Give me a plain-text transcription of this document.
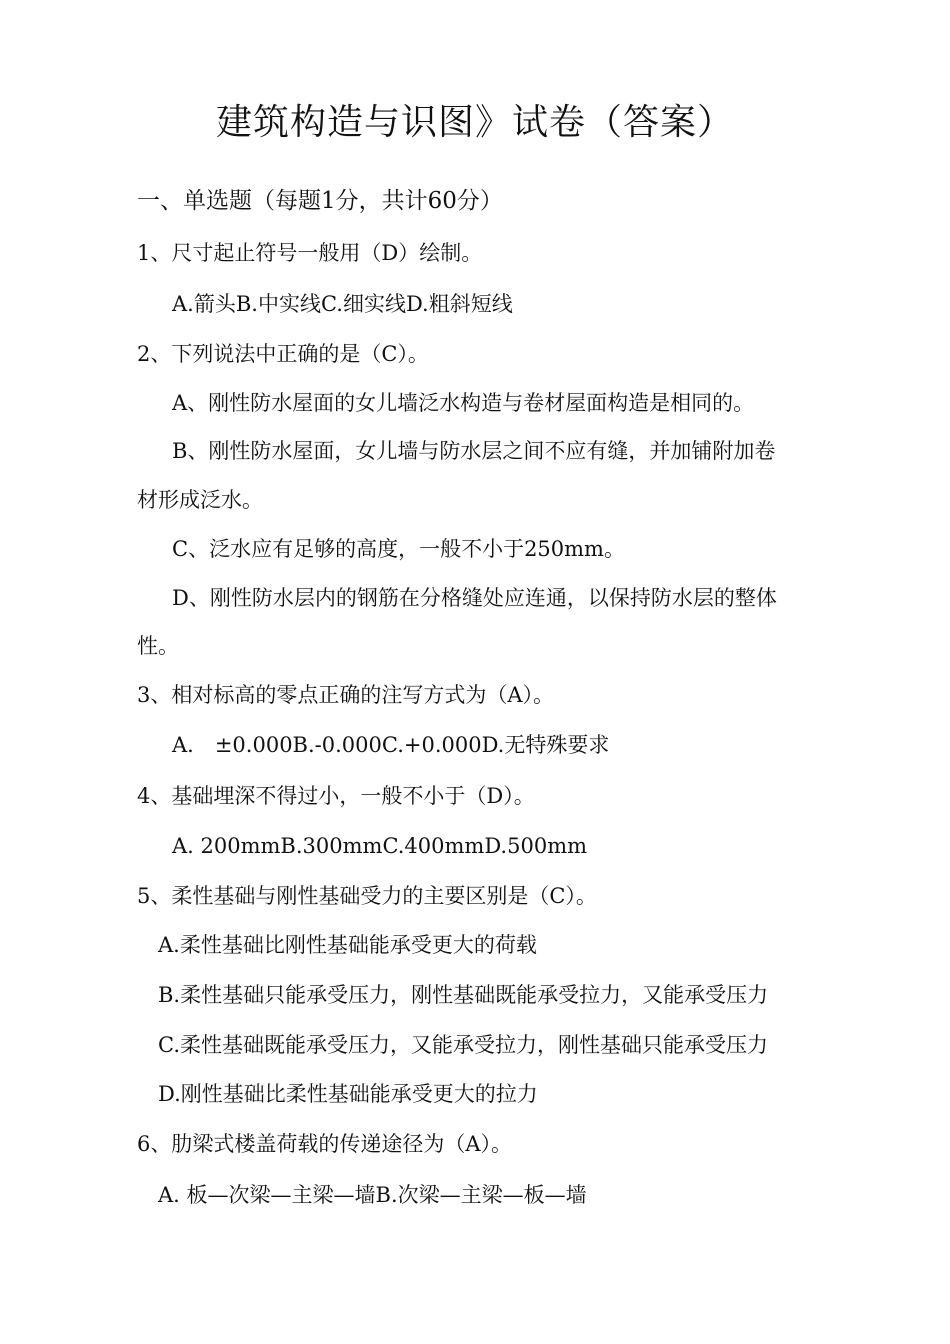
建筑构造与识图》试卷（答案）
一、单选题（每题1分，共计60分）
1、尺寸起止符号一般用（D）绘制。
A.箭头B.中实线C.细实线D.粗斜短线
2、下列说法中正确的是（C）。
A、刚性防水屋面的女儿墙泛水构造与卷材屋面构造是相同的。
B、刚性防水屋面，女儿墙与防水层之间不应有缝，并加铺附加卷
材形成泛水。
C、泛水应有足够的高度，一般不小于250mm。
D、刚性防水层内的钢筋在分格缝处应连通，以保持防水层的整体
性。
3、相对标高的零点正确的注写方式为（A）。
A.　±0.000B.-0.000C.+0.000D.无特殊要求
4、基础埋深不得过小，一般不小于（D）。
A. 200mmB.300mmC.400mmD.500mm
5、柔性基础与刚性基础受力的主要区别是（C）。
A.柔性基础比刚性基础能承受更大的荷载
B.柔性基础只能承受压力，刚性基础既能承受拉力，又能承受压力
C.柔性基础既能承受压力，又能承受拉力，刚性基础只能承受压力
D.刚性基础比柔性基础能承受更大的拉力
6、肋梁式楼盖荷载的传递途径为（A）。
A. 板—次梁—主梁—墙B.次梁—主梁—板—墙
